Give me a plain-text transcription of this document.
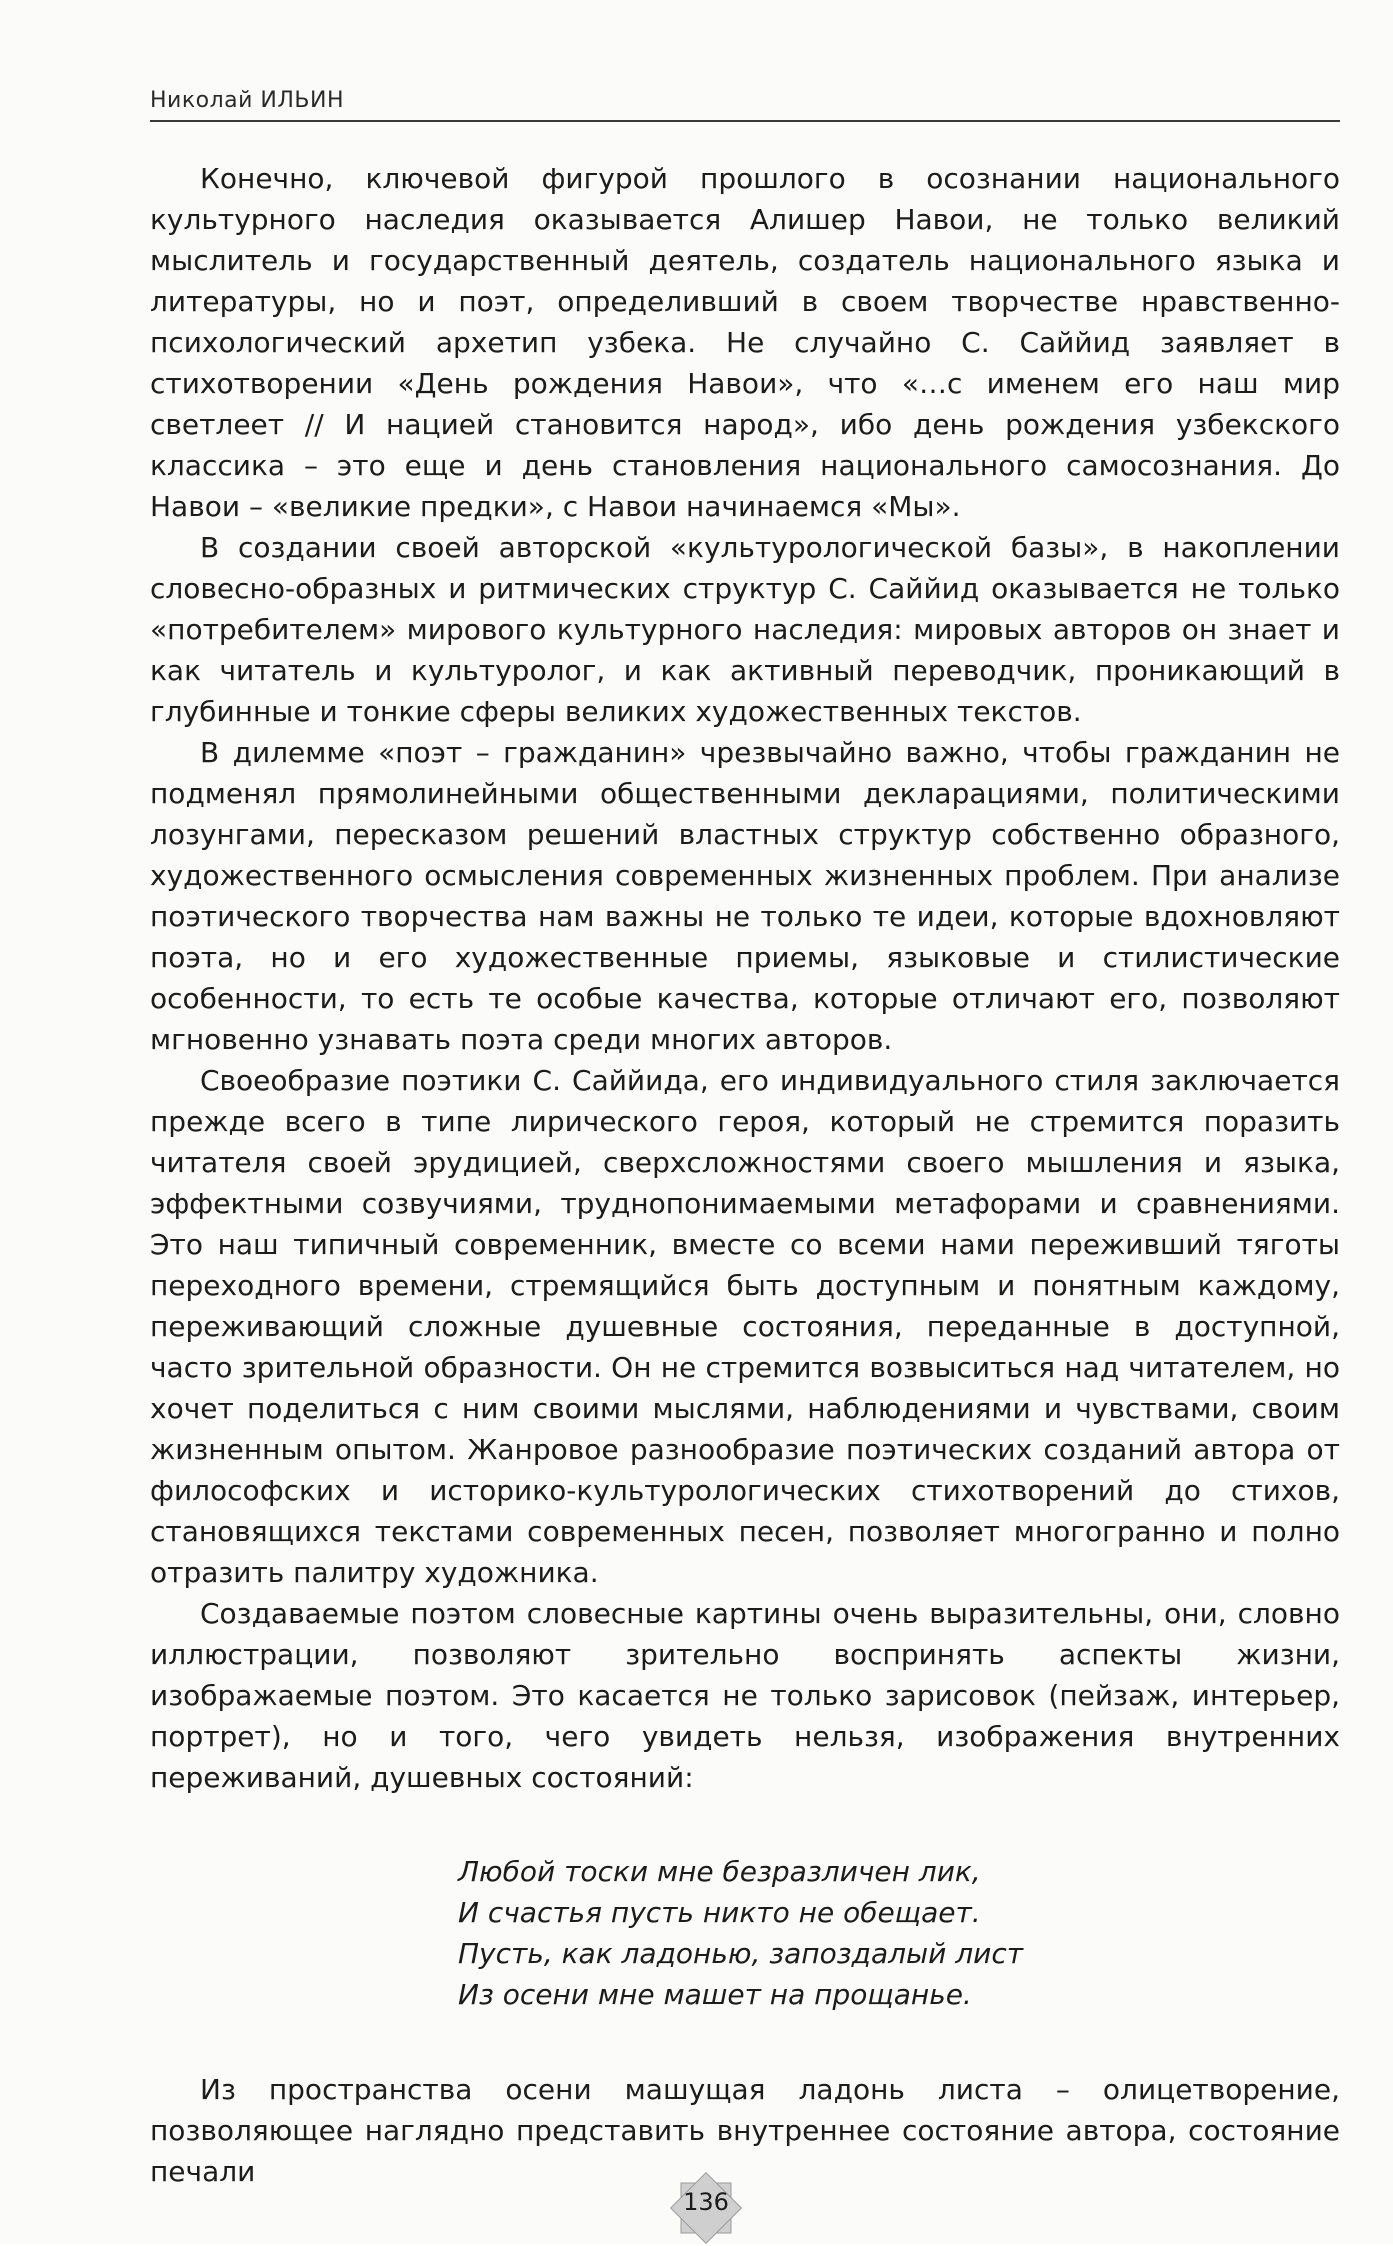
Николай ИЛЬИН

Конечно, ключевой фигурой прошлого в осознании национального культурного наследия оказывается Алишер Навои, не только великий мыслитель и государственный деятель, создатель национального языка и литературы, но и поэт, определивший в своем творчестве нравственно-психологический архетип узбека. Не случайно С. Саййид заявляет в стихотворении «День рождения Навои», что «…с именем его наш мир светлеет // И нацией становится народ», ибо день рождения узбекского классика – это еще и день становления национального самосознания. До Навои – «великие предки», с Навои начинаемся «Мы».

В создании своей авторской «культурологической базы», в накоплении словесно-образных и ритмических структур С. Саййид оказывается не только «потребителем» мирового культурного наследия: мировых авторов он знает и как читатель и культуролог, и как активный переводчик, проникающий в глубинные и тонкие сферы великих художественных текстов.

В дилемме «поэт – гражданин» чрезвычайно важно, чтобы гражданин не подменял прямолинейными общественными декларациями, политическими лозунгами, пересказом решений властных структур собственно образного, художественного осмысления современных жизненных проблем. При анализе поэтического творчества нам важны не только те идеи, которые вдохновляют поэта, но и его художественные приемы, языковые и стилистические особенности, то есть те особые качества, которые отличают его, позволяют мгновенно узнавать поэта среди многих авторов.

Своеобразие поэтики С. Саййида, его индивидуального стиля заключается прежде всего в типе лирического героя, который не стремится поразить читателя своей эрудицией, сверхсложностями своего мышления и языка, эффектными созвучиями, труднопонимаемыми метафорами и сравнениями. Это наш типичный современник, вместе со всеми нами переживший тяготы переходного времени, стремящийся быть доступным и понятным каждому, переживающий сложные душевные состояния, переданные в доступной, часто зрительной образности. Он не стремится возвыситься над читателем, но хочет поделиться с ним своими мыслями, наблюдениями и чувствами, своим жизненным опытом. Жанровое разнообразие поэтических созданий автора от философских и историко-культурологических стихотворений до стихов, становящихся текстами современных песен, позволяет многогранно и полно отразить палитру художника.

Создаваемые поэтом словесные картины очень выразительны, они, словно иллюстрации, позволяют зрительно воспринять аспекты жизни, изображаемые поэтом. Это касается не только зарисовок (пейзаж, интерьер, портрет), но и того, чего увидеть нельзя, изображения внутренних переживаний, душевных состояний:

Любой тоски мне безразличен лик,
И счастья пусть никто не обещает.
Пусть, как ладонью, запоздалый лист
Из осени мне машет на прощанье.

Из пространства осени машущая ладонь листа – олицетворение, позволяющее наглядно представить внутреннее состояние автора, состояние печали

136
